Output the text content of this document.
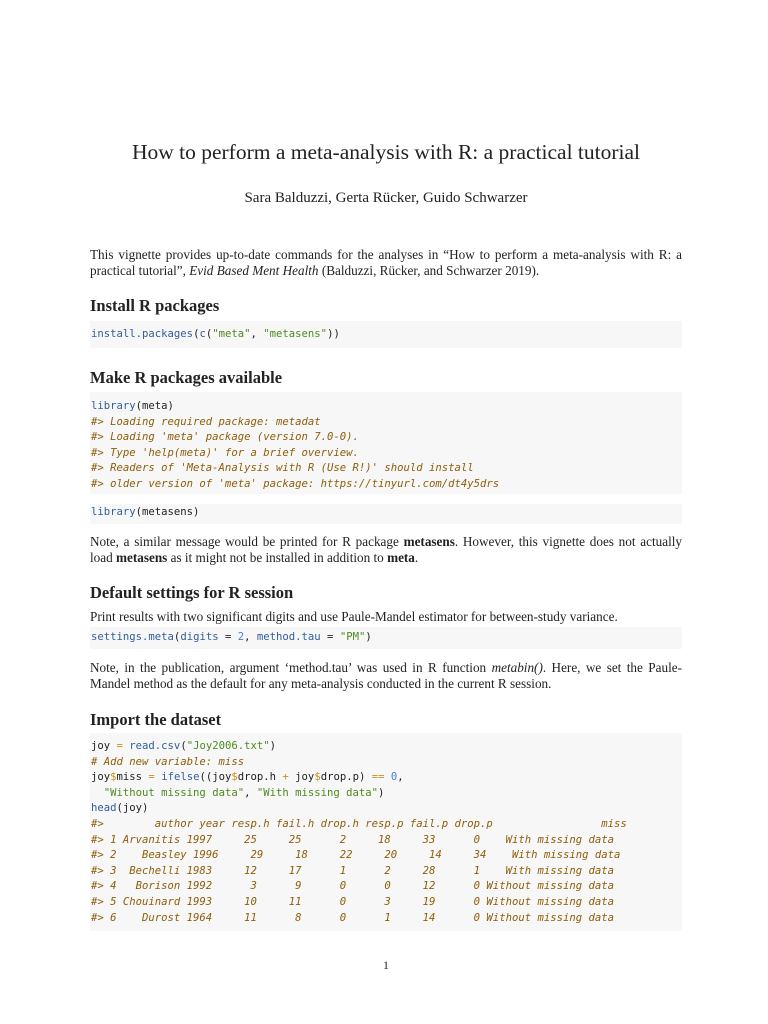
How to perform a meta-analysis with R: a practical tutorial
Sara Balduzzi, Gerta Rücker, Guido Schwarzer
This vignette provides up-to-date commands for the analyses in “How to perform a meta-analysis with R: a practical tutorial”, Evid Based Ment Health (Balduzzi, Rücker, and Schwarzer 2019).
Install R packages
install.packages(c("meta", "metasens"))
Make R packages available
library(meta)
#> Loading required package: metadat
#> Loading 'meta' package (version 7.0-0).
#> Type 'help(meta)' for a brief overview.
#> Readers of 'Meta-Analysis with R (Use R!)' should install
#> older version of 'meta' package: https://tinyurl.com/dt4y5drs
library(metasens)
Note, a similar message would be printed for R package metasens. However, this vignette does not actually load metasens as it might not be installed in addition to meta.
Default settings for R session
Print results with two significant digits and use Paule-Mandel estimator for between-study variance.
settings.meta(digits = 2, method.tau = "PM")
Note, in the publication, argument ‘method.tau’ was used in R function metabin(). Here, we set the Paule-Mandel method as the default for any meta-analysis conducted in the current R session.
Import the dataset
joy = read.csv("Joy2006.txt")
# Add new variable: miss
joy$miss = ifelse((joy$drop.h + joy$drop.p) == 0,
"Without missing data", "With missing data")
head(joy)
#>        author year resp.h fail.h drop.h resp.p fail.p drop.p                 miss
#> 1 Arvanitis 1997     25     25      2     18     33      0    With missing data
#> 2    Beasley 1996     29     18     22     20     14     34    With missing data
#> 3  Bechelli 1983     12     17      1      2     28      1    With missing data
#> 4   Borison 1992      3      9      0      0     12      0 Without missing data
#> 5 Chouinard 1993     10     11      0      3     19      0 Without missing data
#> 6    Durost 1964     11      8      0      1     14      0 Without missing data
1
